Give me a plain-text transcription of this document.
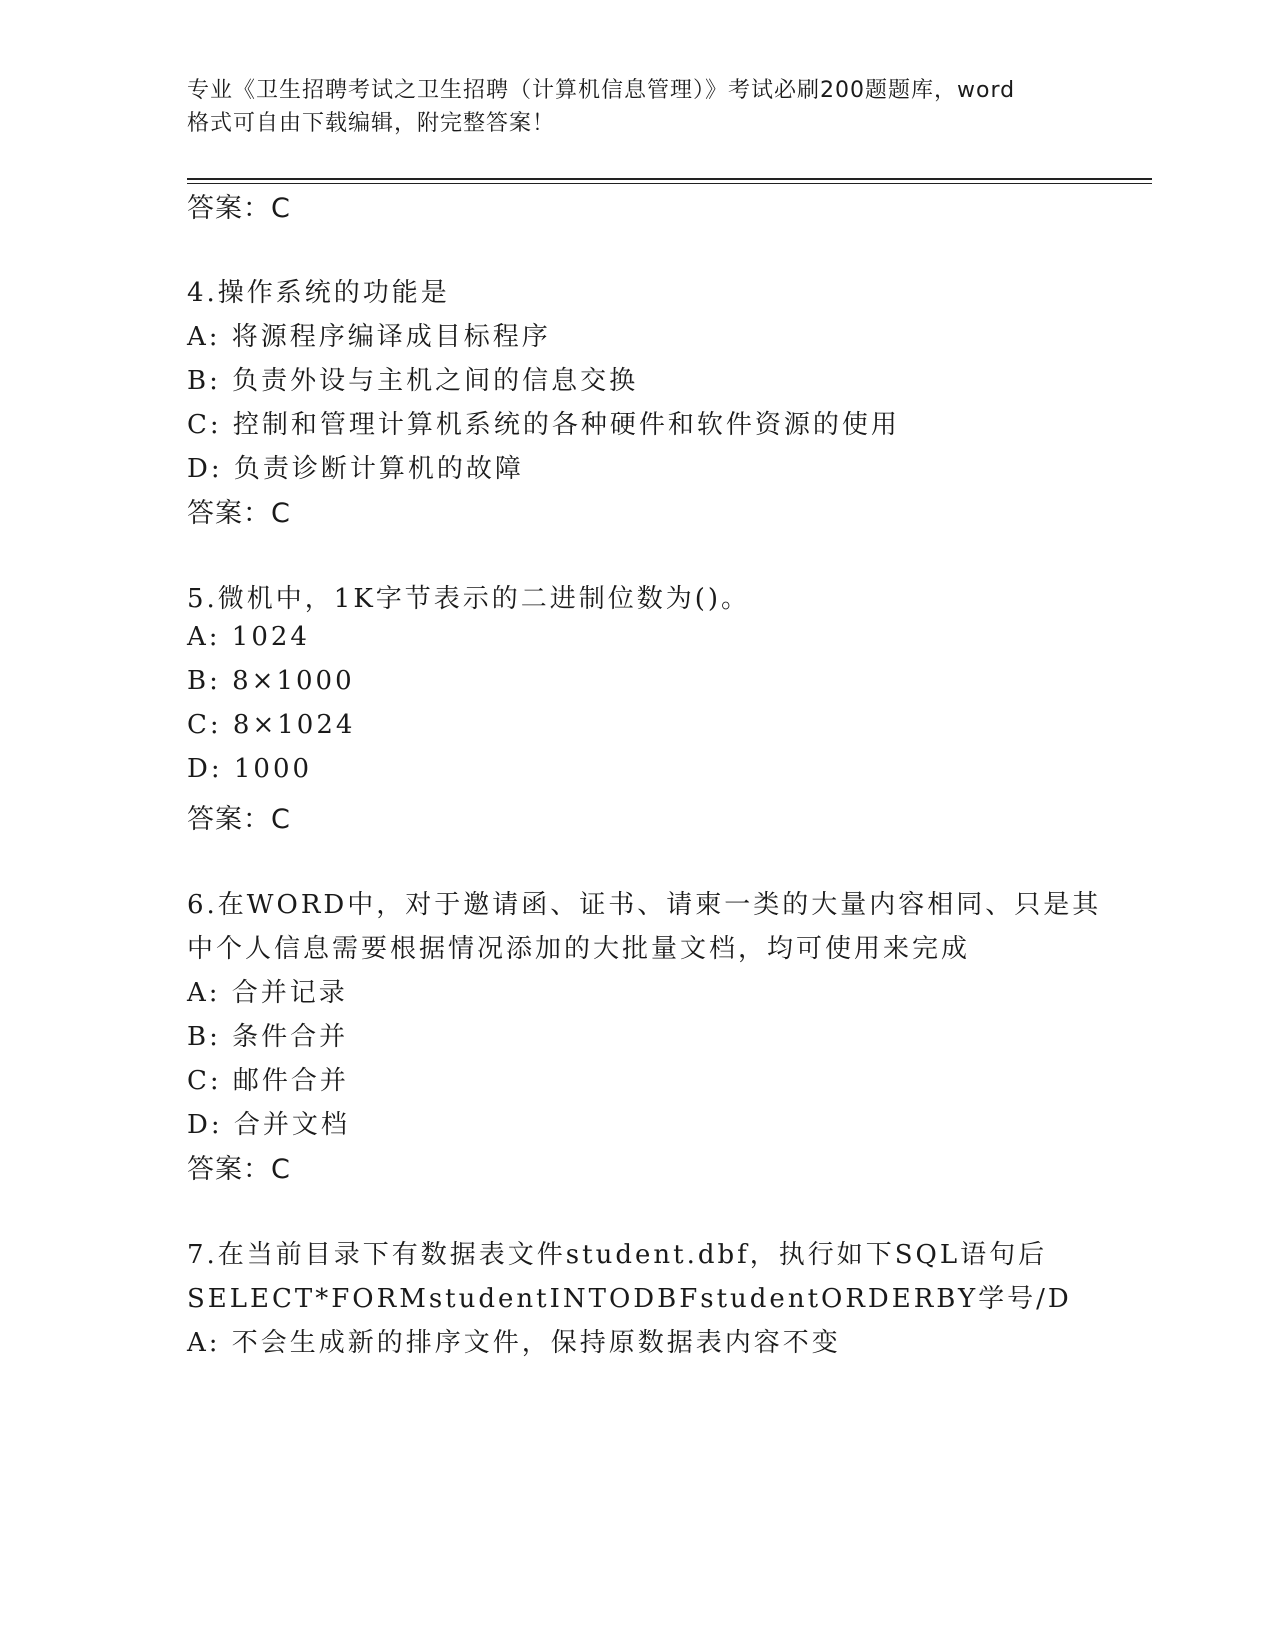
专业《卫生招聘考试之卫生招聘（计算机信息管理）》考试必刷200题题库，word
格式可自由下载编辑，附完整答案！
答案：C
4.操作系统的功能是
A: 将源程序编译成目标程序
B: 负责外设与主机之间的信息交换
C: 控制和管理计算机系统的各种硬件和软件资源的使用
D: 负责诊断计算机的故障
答案：C
5.微机中，1K字节表示的二进制位数为()。
A: 1024
B: 8×1000
C: 8×1024
D: 1000
答案：C
6.在WORD中，对于邀请函、证书、请柬一类的大量内容相同、只是其
中个人信息需要根据情况添加的大批量文档，均可使用来完成
A: 合并记录
B: 条件合并
C: 邮件合并
D: 合并文档
答案：C
7.在当前目录下有数据表文件student.dbf，执行如下SQL语句后
SELECT*FORMstudentINTODBFstudentORDERBY学号/D
A: 不会生成新的排序文件，保持原数据表内容不变
